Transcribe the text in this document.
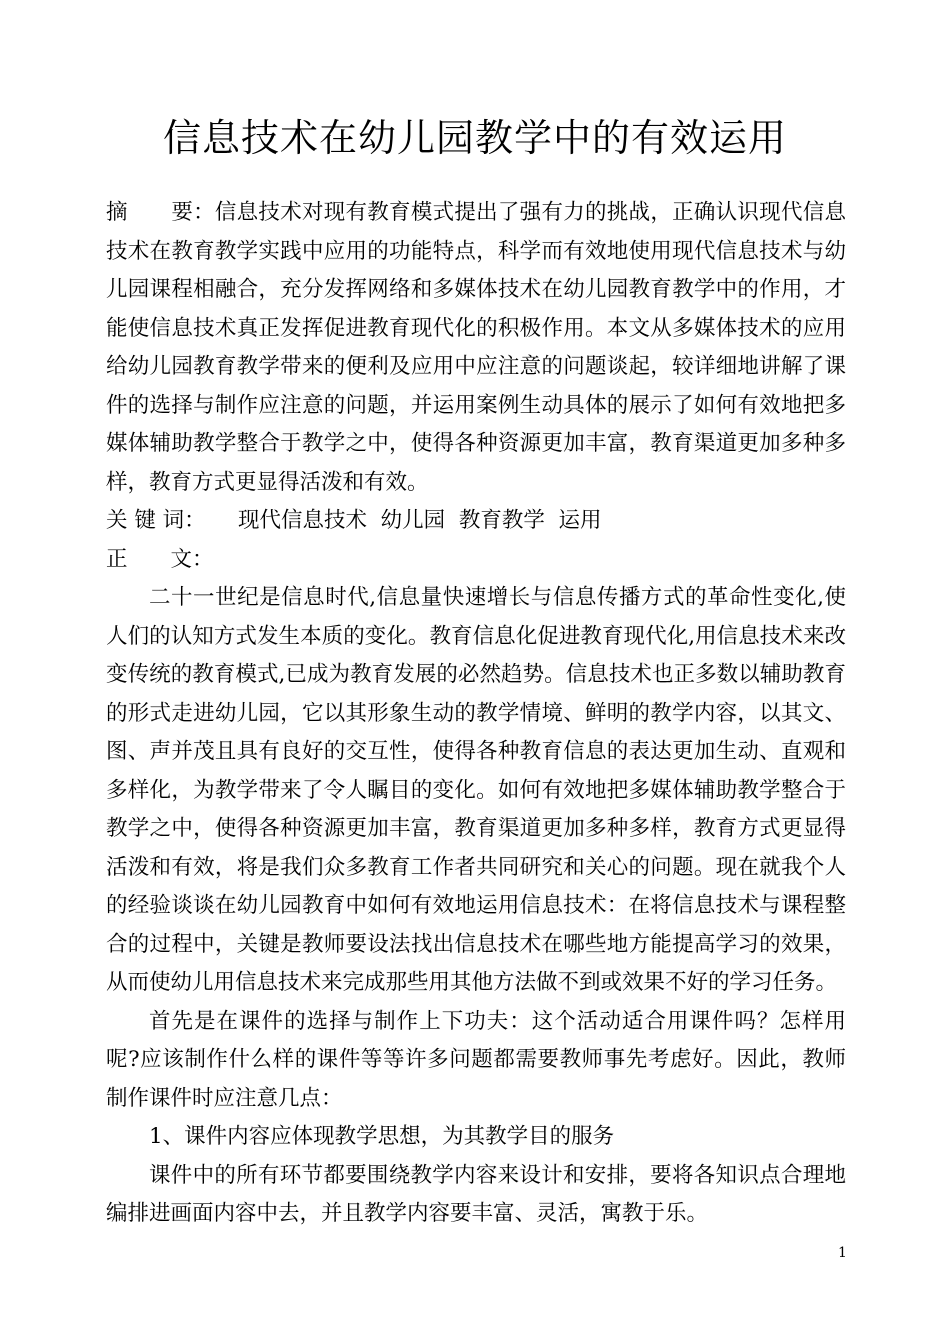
信息技术在幼儿园教学中的有效运用

摘　　要：信息技术对现有教育模式提出了强有力的挑战，正确认识现代信息技术在教育教学实践中应用的功能特点，科学而有效地使用现代信息技术与幼儿园课程相融合，充分发挥网络和多媒体技术在幼儿园教育教学中的作用，才能使信息技术真正发挥促进教育现代化的积极作用。本文从多媒体技术的应用给幼儿园教育教学带来的便利及应用中应注意的问题谈起，较详细地讲解了课件的选择与制作应注意的问题，并运用案例生动具体的展示了如何有效地把多媒体辅助教学整合于教学之中，使得各种资源更加丰富，教育渠道更加多种多样，教育方式更显得活泼和有效。

关 键 词： 现代信息技术  幼儿园  教育教学  运用

正　　文：

二十一世纪是信息时代,信息量快速增长与信息传播方式的革命性变化,使人们的认知方式发生本质的变化。教育信息化促进教育现代化,用信息技术来改变传统的教育模式,已成为教育发展的必然趋势。信息技术也正多数以辅助教育的形式走进幼儿园，它以其形象生动的教学情境、鲜明的教学内容，以其文、图、声并茂且具有良好的交互性，使得各种教育信息的表达更加生动、直观和多样化，为教学带来了令人瞩目的变化。如何有效地把多媒体辅助教学整合于教学之中，使得各种资源更加丰富，教育渠道更加多种多样，教育方式更显得活泼和有效，将是我们众多教育工作者共同研究和关心的问题。现在就我个人的经验谈谈在幼儿园教育中如何有效地运用信息技术：在将信息技术与课程整合的过程中，关键是教师要设法找出信息技术在哪些地方能提高学习的效果，从而使幼儿用信息技术来完成那些用其他方法做不到或效果不好的学习任务。

首先是在课件的选择与制作上下功夫：这个活动适合用课件吗？怎样用呢?应该制作什么样的课件等等许多问题都需要教师事先考虑好。因此，教师制作课件时应注意几点：

1、课件内容应体现教学思想，为其教学目的服务

课件中的所有环节都要围绕教学内容来设计和安排，要将各知识点合理地编排进画面内容中去，并且教学内容要丰富、灵活，寓教于乐。

1
